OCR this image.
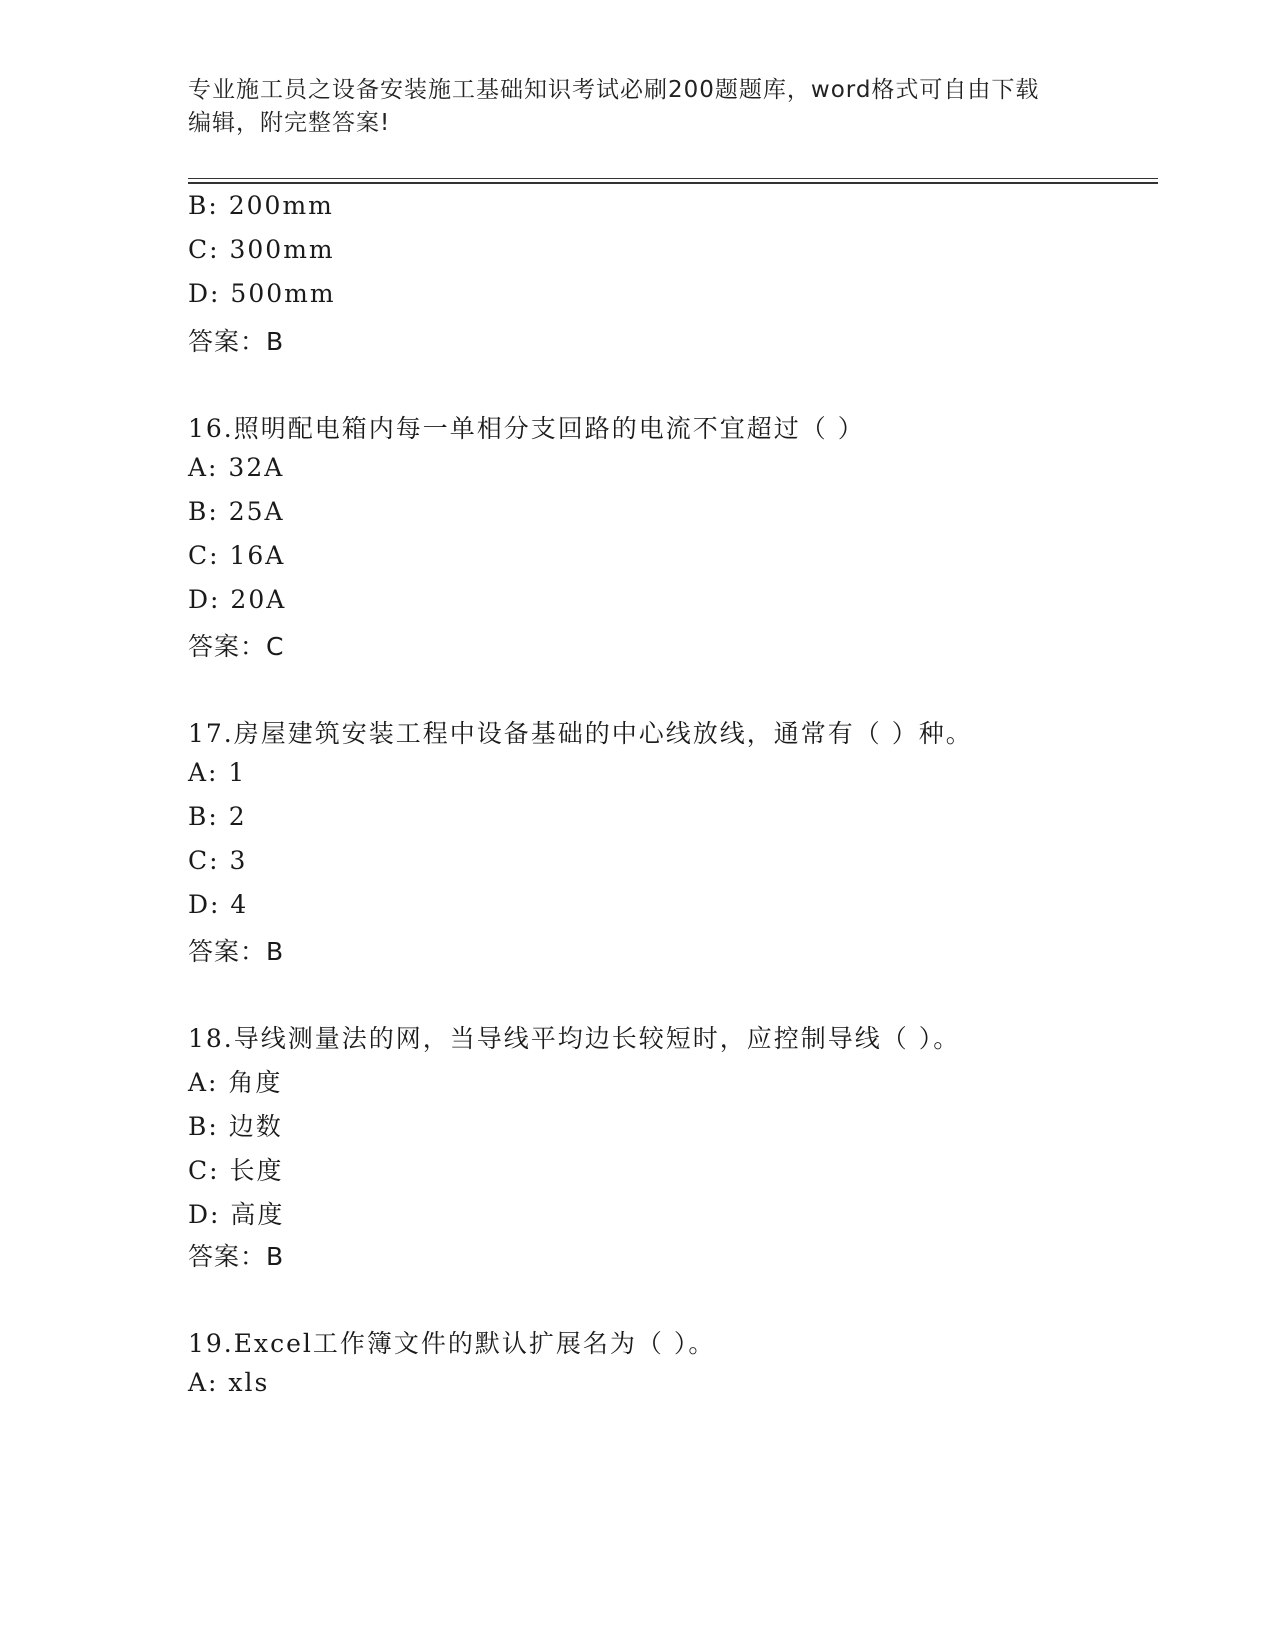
专业施工员之设备安装施工基础知识考试必刷200题题库，word格式可自由下载
编辑，附完整答案!
B: 200mm
C: 300mm
D: 500mm
答案：B
16.照明配电箱内每一单相分支回路的电流不宜超过（ ）
A: 32A
B: 25A
C: 16A
D: 20A
答案：C
17.房屋建筑安装工程中设备基础的中心线放线，通常有（ ）种。
A: 1
B: 2
C: 3
D: 4
答案：B
18.导线测量法的网，当导线平均边长较短时，应控制导线（ ）。
A: 角度
B: 边数
C: 长度
D: 高度
答案：B
19.Excel工作簿文件的默认扩展名为（ ）。
A: xls
